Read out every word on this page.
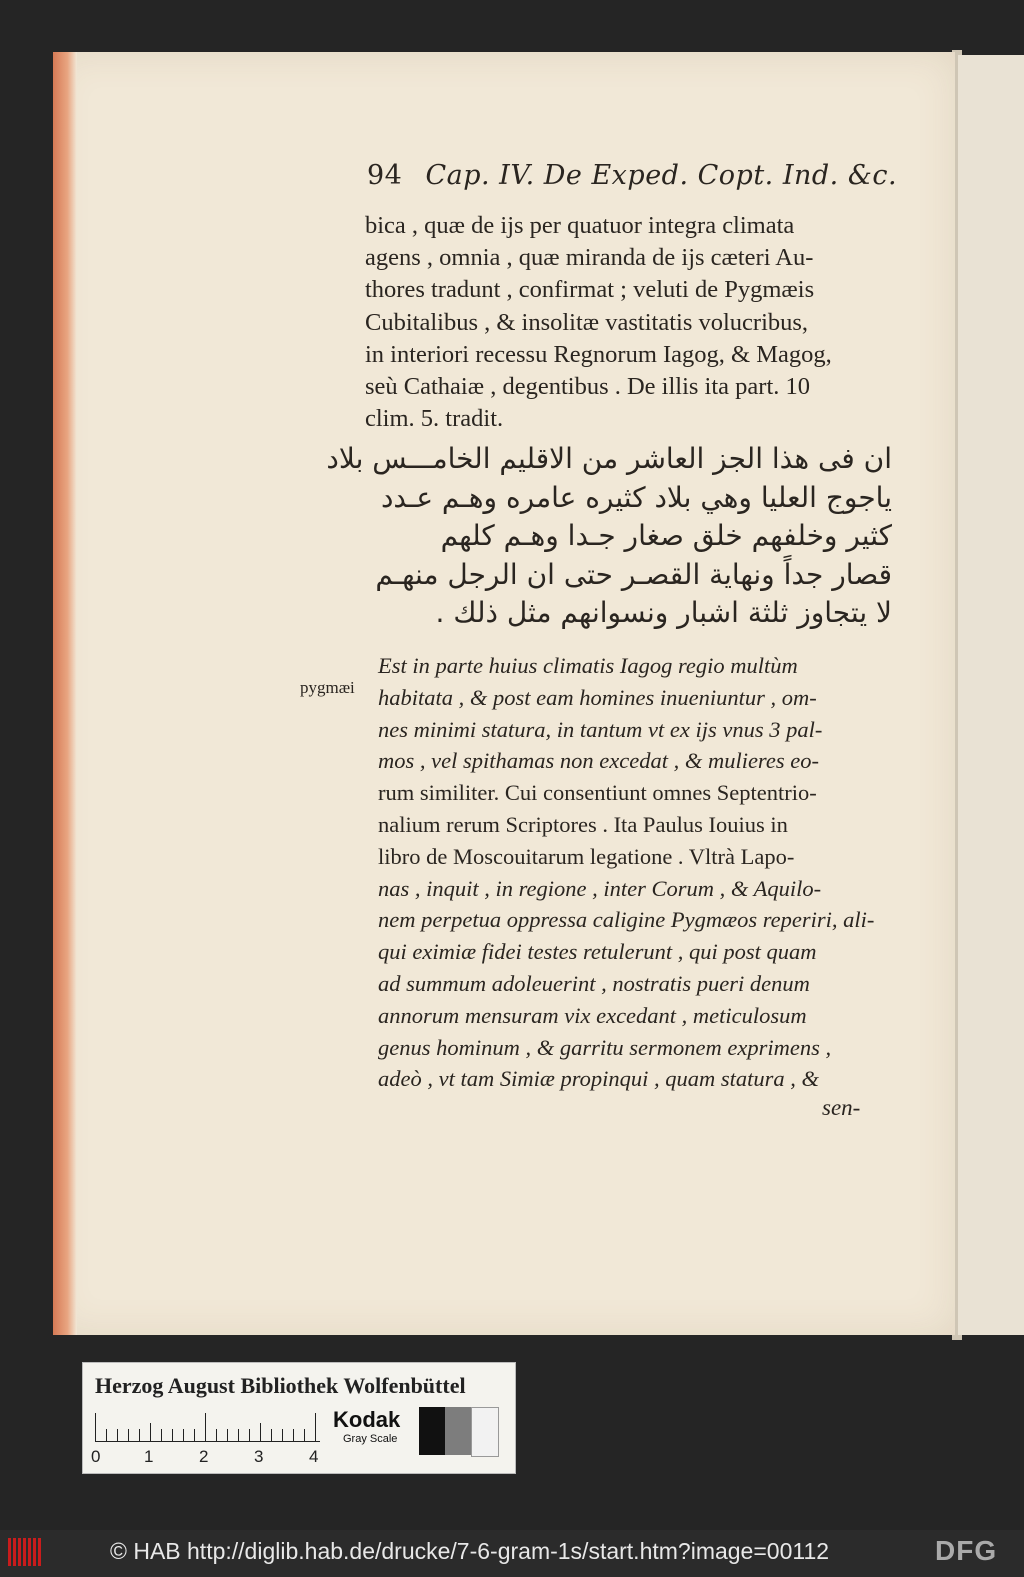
94 Cap. IV. De Exped. Copt. Ind. &c.
bica , quæ de ijs per quatuor integra climata
agens , omnia , quæ miranda de ijs cæteri Au-
thores tradunt , confirmat ; veluti de Pygmæis
Cubitalibus , & insolitæ vastitatis volucribus,
in interiori recessu Regnorum Iagog, & Magog,
seù Cathaiæ , degentibus . De illis ita part. 10
clim. 5. tradit.
ان فى هذا الجز العاشر من الاقليم الخامـــس بلاد
ياجوج العليا وهي بلاد كثيره عامره وهـم عـدد
كثير وخلفهم خلق صغار جـدا وهـم كلهم
قصار جداً ونهاية القصـر حتى ان الرجل منهـم
لا يتجاوز ثلثة اشبار ونسوانهم مثل ذلك .
pygmæi
Est in parte huius climatis Iagog regio multùm
habitata , & post eam homines inueniuntur , om-
nes minimi statura, in tantum vt ex ijs vnus 3 pal-
mos , vel spithamas non excedat , & mulieres eo-
rum similiter. Cui consentiunt omnes Septentrio-
nalium rerum Scriptores . Ita Paulus Iouius in
libro de Moscouitarum legatione . Vltrà Lapo-
nas , inquit , in regione , inter Corum , & Aquilo-
nem perpetua oppressa caligine Pygmæos reperiri, ali-
qui eximiæ fidei testes retulerunt , qui post quam
ad summum adoleuerint , nostratis pueri denum
annorum mensuram vix excedant , meticulosum
genus hominum , & garritu sermonem exprimens ,
adeò , vt tam Simiæ propinqui , quam statura , &
sen-
Herzog August Bibliothek Wolfenbüttel
0	1	2	3	4
Kodak
Gray Scale
© HAB http://diglib.hab.de/drucke/7-6-gram-1s/start.htm?image=00112	DFG
